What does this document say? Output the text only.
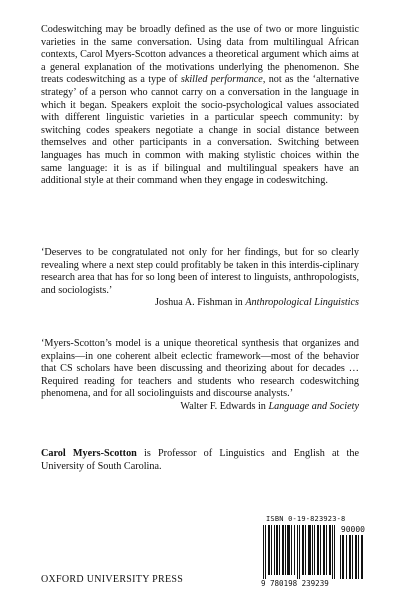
Codeswitching may be broadly defined as the use of two or more linguistic varieties in the same conversation. Using data from multilingual African contexts, Carol Myers-Scotton advances a theoretical argument which aims at a general explanation of the motivations underlying the phenomenon. She treats codeswitching as a type of skilled performance, not as the ‘alternative strategy’ of a person who cannot carry on a conversation in the language in which it began. Speakers exploit the socio-psychological values associated with different linguistic varieties in a particular speech community: by switching codes speakers negotiate a change in social distance between themselves and other participants in a conversation. Switching between languages has much in common with making stylistic choices within the same language: it is as if bilingual and multilingual speakers have an additional style at their command when they engage in codeswitching.

‘Deserves to be congratulated not only for her findings, but for so clearly revealing where a next step could profitably be taken in this interdis-ciplinary research area that has for so long been of interest to linguists, anthropologists, and sociologists.’

Joshua A. Fishman in Anthropological Linguistics

‘Myers-Scotton’s model is a unique theoretical synthesis that organizes and explains—in one coherent albeit eclectic framework—most of the behavior that CS scholars have been discussing and theorizing about for decades … Required reading for teachers and students who research codeswitching phenomena, and for all sociolinguists and discourse analysts.’

Walter F. Edwards in Language and Society

Carol Myers-Scotton is Professor of Linguistics and English at the University of South Carolina.

OXFORD UNIVERSITY PRESS
ISBN 0-19-823923-8
90000
9 780198 239239
